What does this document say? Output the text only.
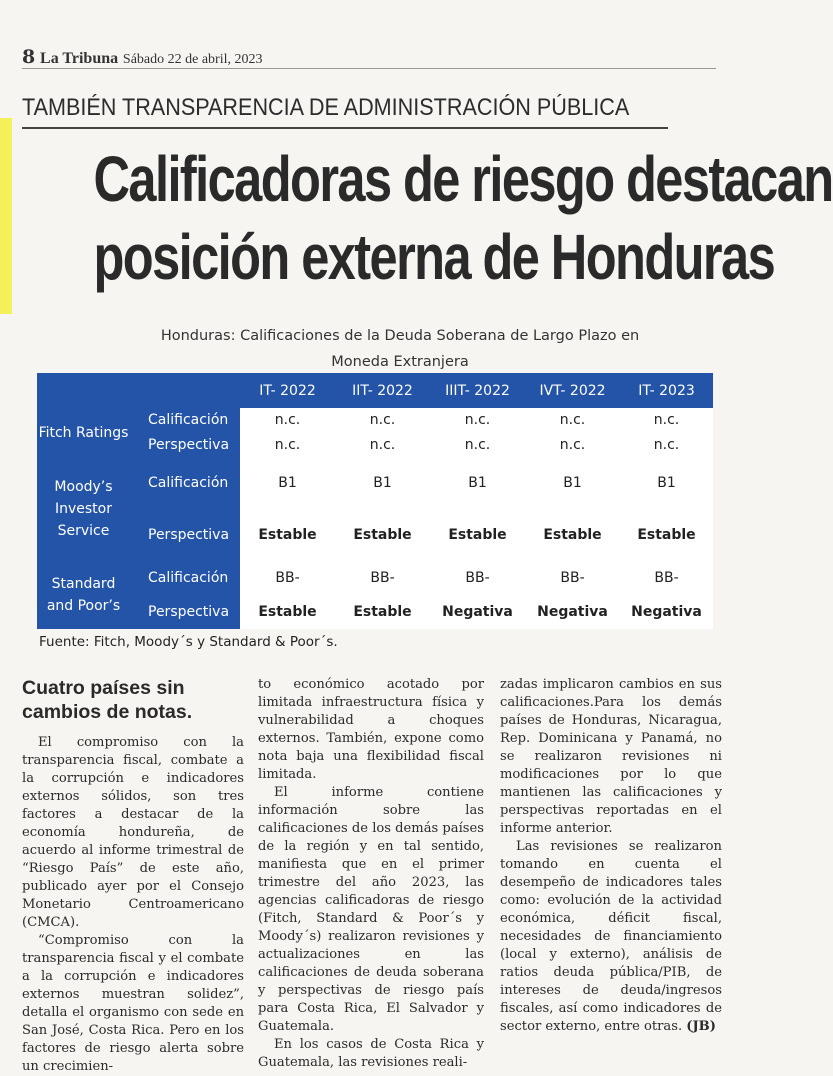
8 La Tribuna Sábado 22 de abril, 2023
TAMBIÉN TRANSPARENCIA DE ADMINISTRACIÓN PÚBLICA
Calificadoras de riesgo destacan
posición externa de Honduras
Honduras: Calificaciones de la Deuda Soberana de Largo Plazo en
Moneda Extranjera
		IT- 2022	IIT- 2022	IIIT- 2022	IVT- 2022	IT- 2023
Fitch Ratings	Calificación	n.c.	n.c.	n.c.	n.c.	n.c.
	Perspectiva	n.c.	n.c.	n.c.	n.c.	n.c.
Moody’s Investor Service	Calificación	B1	B1	B1	B1	B1
	Perspectiva	Estable	Estable	Estable	Estable	Estable
Standard and Poor’s	Calificación	BB-	BB-	BB-	BB-	BB-
	Perspectiva	Estable	Estable	Negativa	Negativa	Negativa
Fuente: Fitch, Moody´s y Standard & Poor´s.
Cuatro países sin
cambios de notas.

El compromiso con la transparencia fiscal, combate a la corrupción e indicadores externos sólidos, son tres factores a destacar de la economía hondureña, de acuerdo al informe trimestral de “Riesgo País” de este año, publicado ayer por el Consejo Monetario Centroamericano (CMCA).

“Compromiso con la transparencia fiscal y el combate a la corrupción e indicadores externos muestran solidez”, detalla el organismo con sede en San José, Costa Rica. Pero en los factores de riesgo alerta sobre un crecimien-

to económico acotado por limitada infraestructura física y vulnerabilidad a choques externos. También, expone como nota baja una flexibilidad fiscal limitada.

El informe contiene información sobre las calificaciones de los demás países de la región y en tal sentido, manifiesta que en el primer trimestre del año 2023, las agencias calificadoras de riesgo (Fitch, Standard & Poor´s y Moody´s) realizaron revisiones y actualizaciones en las calificaciones de deuda soberana y perspectivas de riesgo país para Costa Rica, El Salvador y Guatemala.

En los casos de Costa Rica y Guatemala, las revisiones reali-

zadas implicaron cambios en sus calificaciones.Para los demás países de Honduras, Nicaragua, Rep. Dominicana y Panamá, no se realizaron revisiones ni modificaciones por lo que mantienen las calificaciones y perspectivas reportadas en el informe anterior.

Las revisiones se realizaron tomando en cuenta el desempeño de indicadores tales como: evolución de la actividad económica, déficit fiscal, necesidades de financiamiento (local y externo), análisis de ratios deuda pública/PIB, de intereses de deuda/ingresos fiscales, así como indicadores de sector externo, entre otras. (JB)
